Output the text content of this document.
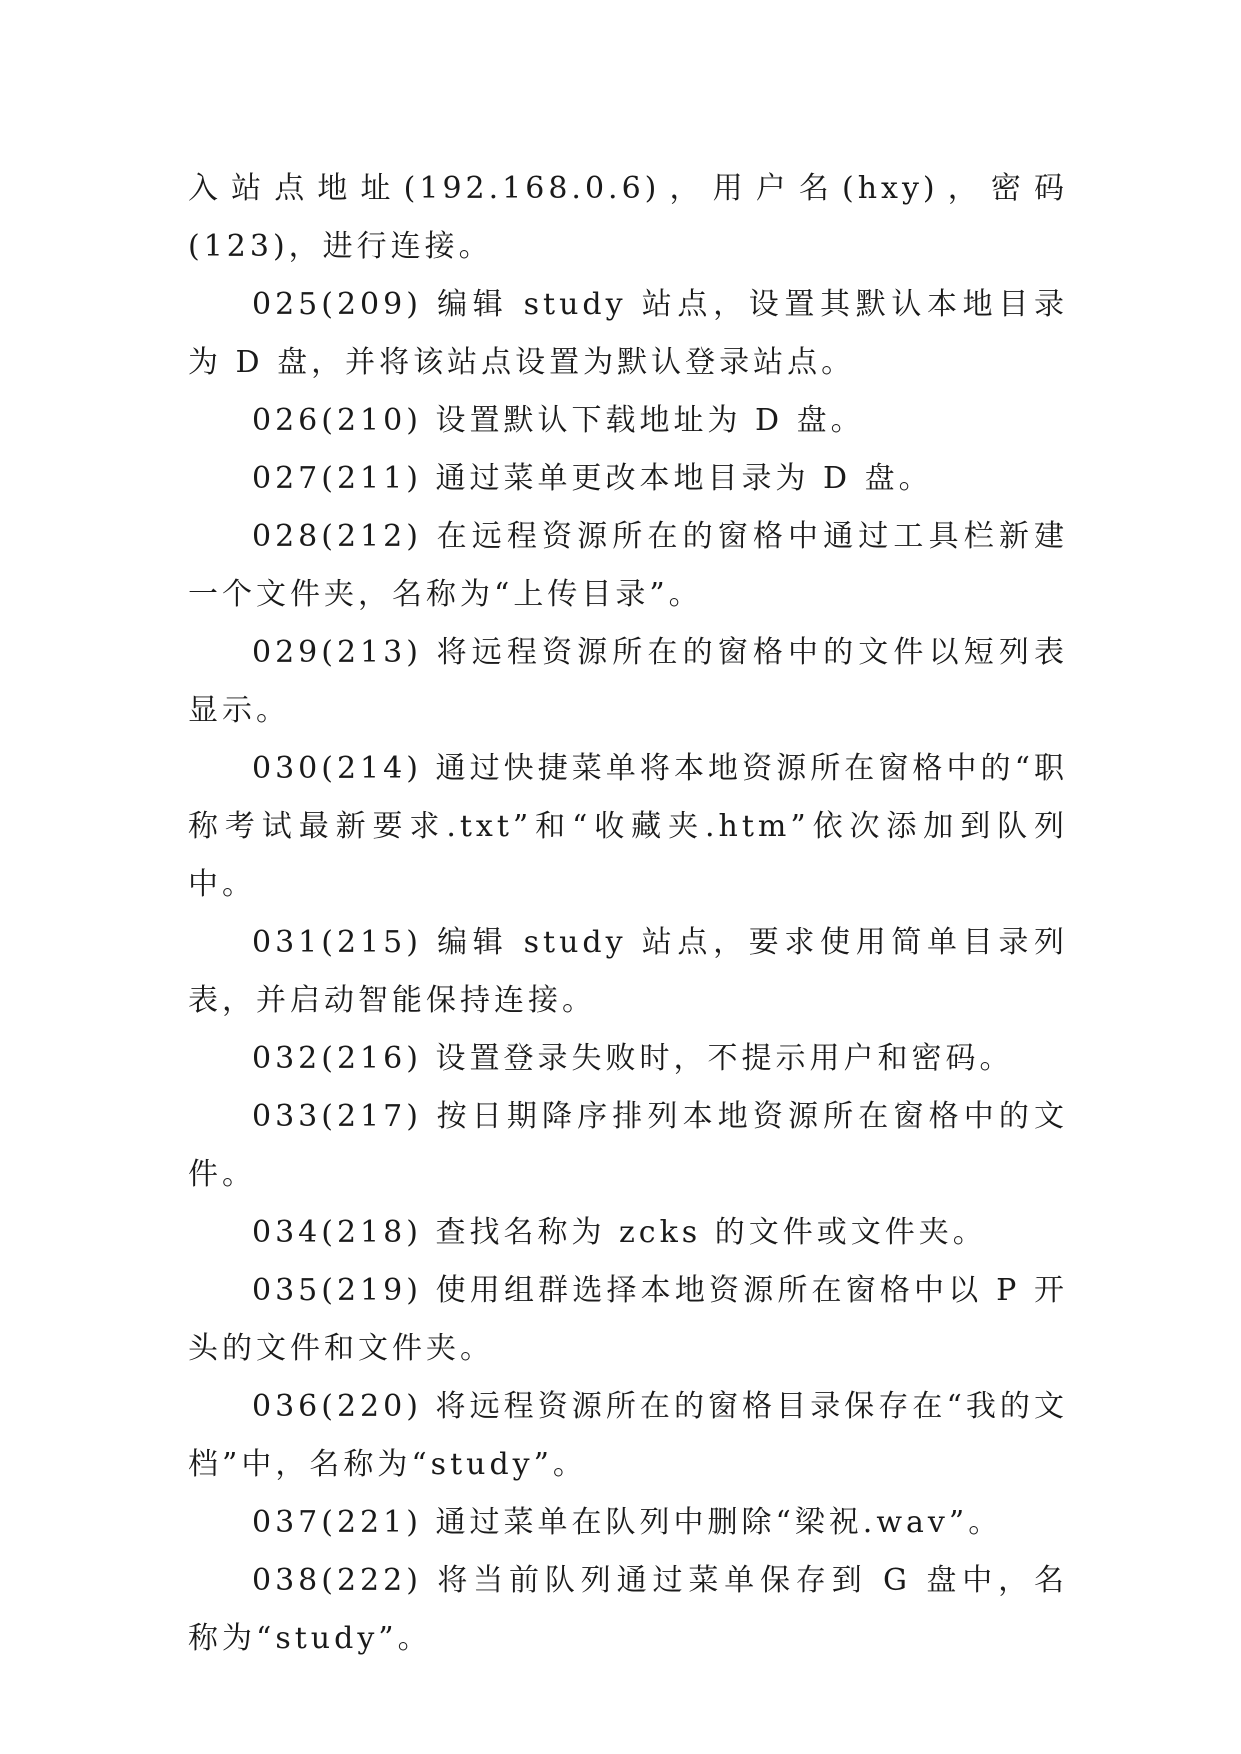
入站点地址(192.168.0.6)，用户名(hxy)，密码(123)，进行连接。

025(209) 编辑 study 站点，设置其默认本地目录为 D 盘，并将该站点设置为默认登录站点。

026(210) 设置默认下载地址为 D 盘。

027(211) 通过菜单更改本地目录为 D 盘。

028(212) 在远程资源所在的窗格中通过工具栏新建一个文件夹，名称为“上传目录”。

029(213) 将远程资源所在的窗格中的文件以短列表显示。

030(214) 通过快捷菜单将本地资源所在窗格中的“职称考试最新要求.txt”和“收藏夹.htm”依次添加到队列中。

031(215) 编辑 study 站点，要求使用简单目录列表，并启动智能保持连接。

032(216) 设置登录失败时，不提示用户和密码。

033(217) 按日期降序排列本地资源所在窗格中的文件。

034(218) 查找名称为 zcks 的文件或文件夹。

035(219) 使用组群选择本地资源所在窗格中以 P 开头的文件和文件夹。

036(220) 将远程资源所在的窗格目录保存在“我的文档”中，名称为“study”。

037(221) 通过菜单在队列中删除“梁祝.wav”。

038(222) 将当前队列通过菜单保存到 G 盘中，名称为“study”。
